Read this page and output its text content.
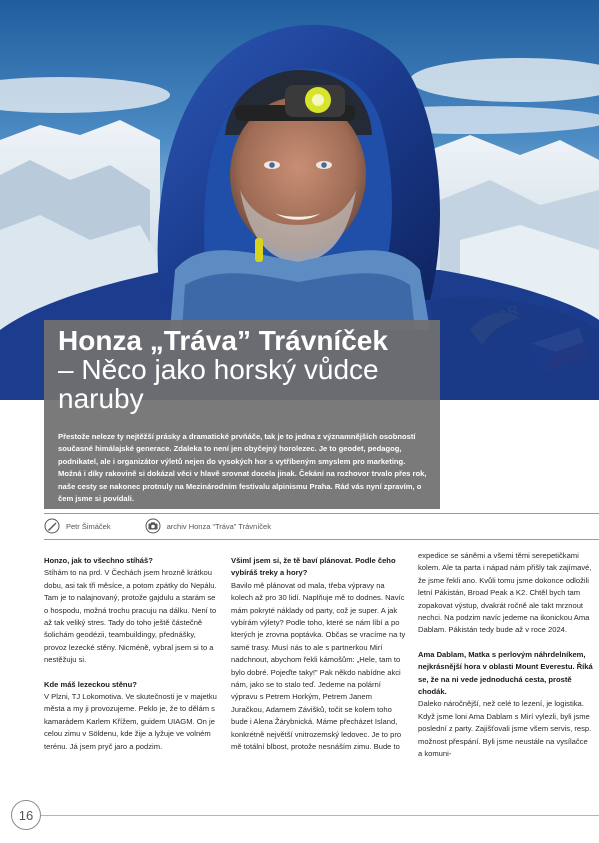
Honza „Tráva” Trávníček
– Něco jako horský vůdce naruby

Přestože neleze ty nejtěžší prásky a dramatické prvňáče, tak je to jedna z významnějších osobností současné himálajské generace. Zdaleka to není jen obyčejný horolezec. Je to geodet, pedagog, podnikatel, ale i organizátor výletů nejen do vysokých hor s vytříbeným smyslem pro marketing. Možná i díky rakovině si dokázal věci v hlavě srovnat docela jinak. Čekání na rozhovor trvalo přes rok, naše cesty se nakonec protnuly na Mezinárodním festivalu alpinismu Praha. Rád vás nyní zpravím, o čem jsme si povídali.

Petr Šimáček	archiv Honza “Tráva” Trávníček
Honzo, jak to všechno stíháš?

Stíhám to na prd. V Čechách jsem hrozně krátkou dobu, asi tak tři měsíce, a potom zpátky do Nepálu. Tam je to nalajnovaný, protože gajdulu a starám se o hospodu, možná trochu pracuju na dálku. Není to až tak veliký stres. Tady do toho ještě částečně šolichám geodézii, teambuildingy, přednášky, provoz lezecké stěny. Nicméně, vybral jsem si to a nestěžuju si.

Kde máš lezeckou stěnu?

V Plzni, TJ Lokomotiva. Ve skutečnosti je v majetku města a my ji provozujeme. Peklo je, že to dělám s kamarádem Karlem Křížem, guidem UIAGM. On je celou zimu v Söldenu, kde žije a lyžuje ve volném terénu. Já jsem pryč jaro a podzim.

Všiml jsem si, že tě baví plánovat. Podle čeho vybíráš treky a hory?

Bavilo mě plánovat od mala, třeba výpravy na kolech až pro 30 lidí. Naplňuje mě to dodnes. Navíc mám pokryté náklady od party, což je super. A jak vybírám výlety? Podle toho, které se nám líbí a po kterých je zrovna poptávka. Občas se vracíme na ty samé trasy. Musí nás to ale s partnerkou Mirí nadchnout, abychom řekli kámošům: „Hele, tam to bylo dobré. Pojeďte taky!” Pak někdo nabídne akci nám, jako se to stalo teď. Jedeme na polární výpravu s Petrem Horkým, Petrem Janem Juračkou, Adamem Závišků, točit se kolem toho bude i Alena Žárybnická. Máme přecházet Island, konkrétně největší vnitrozemský ledovec. Je to pro mě totální blbost, protože nesnáším zimu. Bude to

expedice se sáněmi a všemi těmi serepetičkami kolem. Ale ta parta i nápad nám přišly tak zajímavé, že jsme řekli ano. Kvůli tomu jsme dokonce odložili letní Pákistán, Broad Peak a K2. Chtěl bych tam zopakovat výstup, dvakrát ročně ale takt mrznout nechci. Na podzim navíc jedeme na ikonickou Ama Dablam. Pákistán tedy bude až v roce 2024.

Ama Dablam, Matka s perlovým náhrdelníkem, nejkrásnější hora v oblasti Mount Everestu. Říká se, že na ni vede jednoduchá cesta, prostě chodák.

Daleko náročnější, než celé to lezení, je logistika. Když jsme loni Ama Dablam s Mirí vylezli, byli jsme poslední z party. Zajišťovali jsme všem servis, resp. možnost přespání. Byli jsme neustále na vysílačce a komuni-

16
